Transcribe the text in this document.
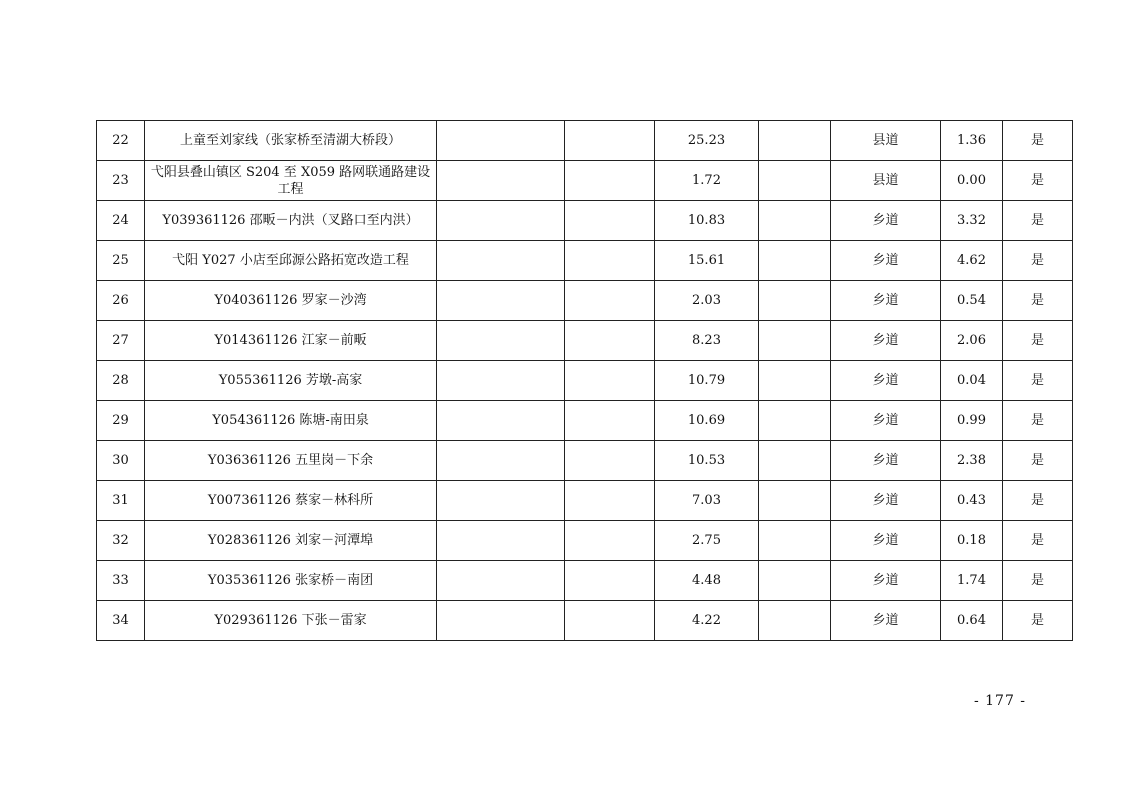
22	上童至刘家线（张家桥至清湖大桥段）			25.23		县道	1.36	是
23	弋阳县叠山镇区 S204 至 X059 路网联通路建设工程			1.72		县道	0.00	是
24	Y039361126 邵畈－内洪（叉路口至内洪）			10.83		乡道	3.32	是
25	弋阳 Y027 小店至邱源公路拓宽改造工程			15.61		乡道	4.62	是
26	Y040361126 罗家－沙湾			2.03		乡道	0.54	是
27	Y014361126 江家－前畈			8.23		乡道	2.06	是
28	Y055361126 芳墩-高家			10.79		乡道	0.04	是
29	Y054361126 陈塘-南田泉			10.69		乡道	0.99	是
30	Y036361126 五里岗－下余			10.53		乡道	2.38	是
31	Y007361126 蔡家－林科所			7.03		乡道	0.43	是
32	Y028361126 刘家－河潭埠			2.75		乡道	0.18	是
33	Y035361126 张家桥－南团			4.48		乡道	1.74	是
34	Y029361126 下张－雷家			4.22		乡道	0.64	是
- 177 -
